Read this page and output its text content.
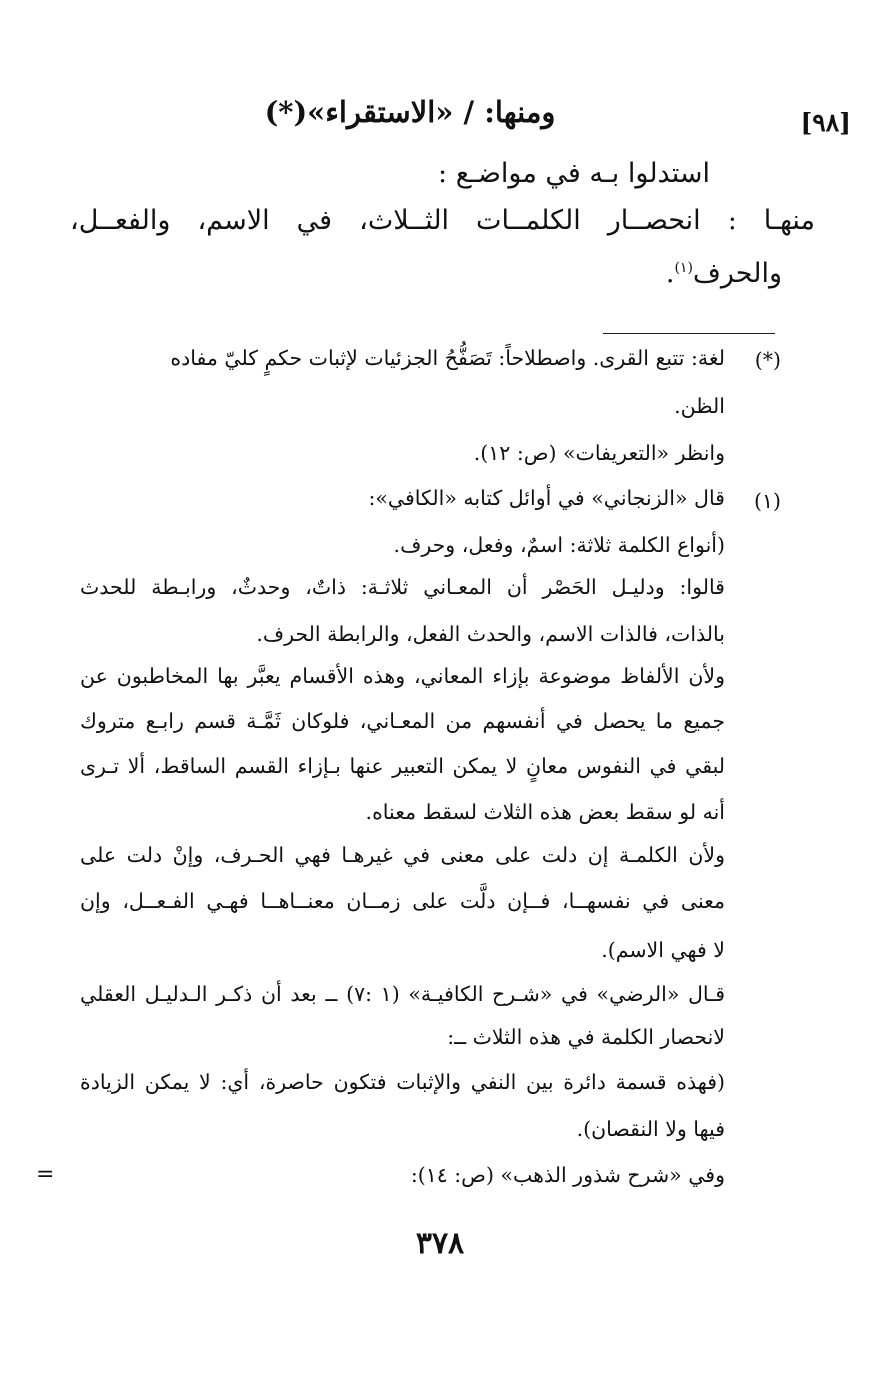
[٩٨]
ومنها: / «الاستقراء»(*)
استدلوا بـه في مواضـع :
منهـا : انحصــار الكلمــات الثــلاث، في الاسم، والفعــل،
والحرف$^{(١)}$.
(*)
لغة: تتبع القرى. واصطلاحاً: تَصَفُّحُ الجزئيات لإثبات حكمٍ كليّ مفاده
الظن.
وانظر «التعريفات» (ص: ١٢).
(١)
قال «الزنجاني» في أوائل كتابه «الكافي»:
(أنواع الكلمة ثلاثة: اسمٌ، وفعل، وحرف.
قالوا: ودليـل الحَصْر أن المعـاني ثلاثـة: ذاتٌ، وحدثٌ، ورابـطة للحدث
بالذات، فالذات الاسم، والحدث الفعل، والرابطة الحرف.
ولأن الألفاظ موضوعة بإزاء المعاني، وهذه الأقسام يعبَّر بها المخاطبون عن
جميع ما يحصل في أنفسهم من المعـاني، فلوكان ثَمَّـة قسم رابـع متروك
لبقي في النفوس معانٍ لا يمكن التعبير عنها بـإزاء القسم الساقط، ألا تـرى
أنه لو سقط بعض هذه الثلاث لسقط معناه.
ولأن الكلمـة إن دلت على معنى في غيرهـا فهي الحـرف، وإنْ دلت على
معنى في نفسهــا، فــإن دلَّت على زمــان معنــاهــا فهـي الفـعــل، وإن
لا فهي الاسم).
قـال «الرضي» في «شـرح الكافيـة» (١ :٧) ــ بعد أن ذكـر الـدليـل العقلي
لانحصار الكلمة في هذه الثلاث ــ:
(فهذه قسمة دائرة بين النفي والإثبات فتكون حاصرة، أي: لا يمكن الزيادة
فيها ولا النقصان).
وفي «شرح شذور الذهب» (ص: ١٤):
=
٣٧٨
